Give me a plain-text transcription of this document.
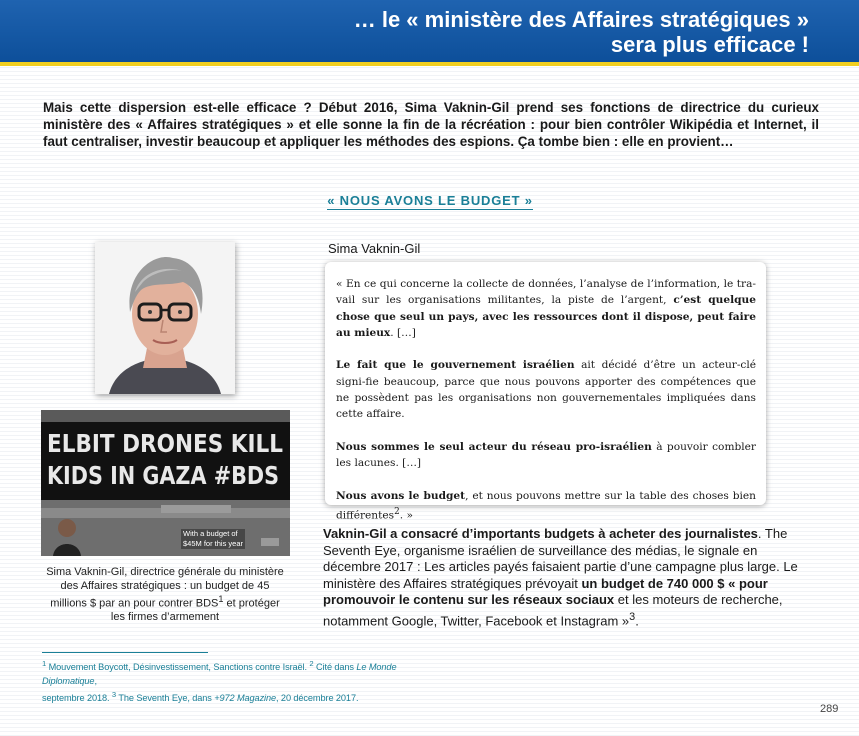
… le « ministère des Affaires stratégiques »
sera plus efficace !

Mais cette dispersion est-elle efficace ? Début 2016, Sima Vaknin-Gil prend ses fonctions de directrice du curieux ministère des « Affaires stratégiques » et elle sonne la fin de la récréation : pour bien contrôler Wikipédia et Internet, il faut centraliser, investir beaucoup et appliquer les méthodes des espions. Ça tombe bien : elle en provient…

« NOUS AVONS LE BUDGET »
ELBIT DRONES KILL
KIDS IN GAZA #BDS
With a budget of
$45M for this year

Sima Vaknin-Gil, directrice générale du ministère des Affaires stratégiques : un budget de 45 millions $ par an pour contrer BDS$^1$ et protéger les firmes d’armement

Sima Vaknin-Gil

« En ce qui concerne la collecte de données, l’analyse de l’information, le tra-vail sur les organisations militantes, la piste de l’argent, c’est quelque chose que seul un pays, avec les ressources dont il dispose, peut faire au mieux. […]

Le fait que le gouvernement israélien ait décidé d’être un acteur-clé signi-fie beaucoup, parce que nous pouvons apporter des compétences que ne possèdent pas les organisations non gouvernementales impliquées dans cette affaire.

Nous sommes le seul acteur du réseau pro-israélien à pouvoir combler les lacunes. […]

Nous avons le budget, et nous pouvons mettre sur la table des choses bien différentes$^2$. »

Vaknin-Gil a consacré d’importants budgets à acheter des journalistes. The Seventh Eye, organisme israélien de surveillance des médias, le signale en décembre 2017 : Les articles payés faisaient partie d’une campagne plus large. Le ministère des Affaires stratégiques prévoyait un budget de 740 000 $ « pour promouvoir le contenu sur les réseaux sociaux et les moteurs de recherche, notamment Google, Twitter, Facebook et Instagram »$^3$.

$^1$ Mouvement Boycott, Désinvestissement, Sanctions contre Israël. $^2$ Cité dans Le Monde Diplomatique,
septembre 2018. $^3$ The Seventh Eye, dans +972 Magazine, 20 décembre 2017.
289
